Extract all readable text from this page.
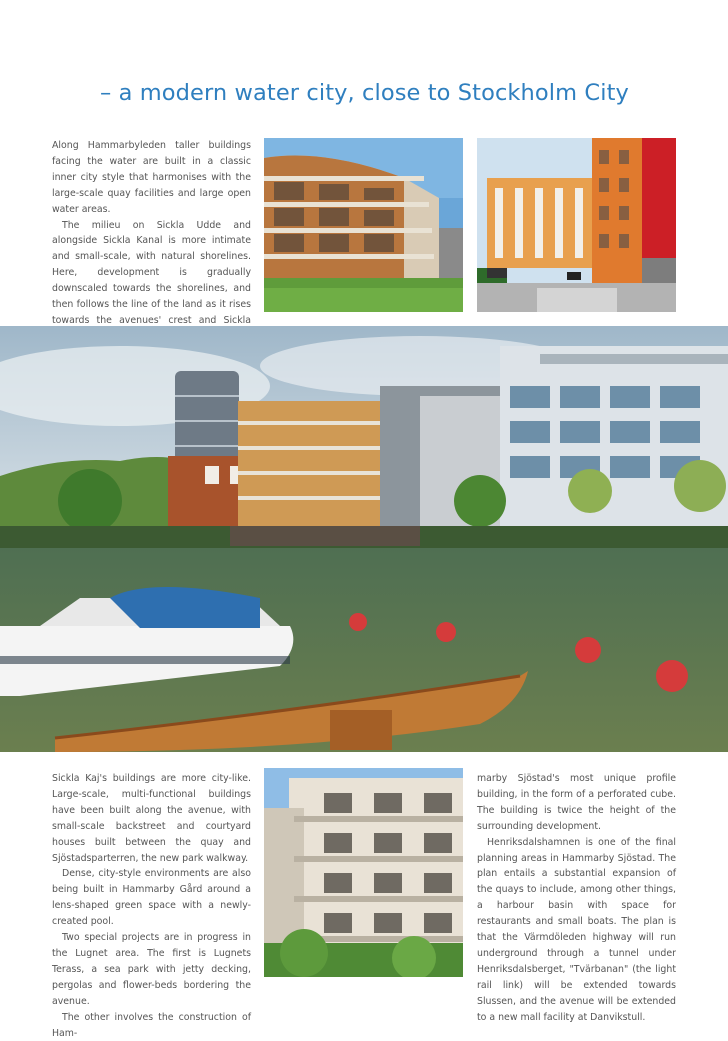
– a modern water city, close to Stockholm City

Along Hammarbyleden taller buildings facing the water are built in a classic inner city style that harmonises with the large-scale quay facilities and large open water areas.

The milieu on Sickla Udde and alongside Sickla Kanal is more intimate and small-scale, with natural shorelines. Here, development is gradually downscaled towards the shorelines, and then follows the line of the land as it rises towards the avenues' crest and Sickla

Sickla Kaj's buildings are more city-like. Large-scale, multi-functional buildings have been built along the avenue, with small-scale backstreet and courtyard houses built between the quay and Sjöstadsparterren, the new park walkway.

Dense, city-style environments are also being built in Hammarby Gård around a lens-shaped green space with a newly-created pool.

Two special projects are in progress in the Lugnet area. The first is Lugnets Terass, a sea park with jetty decking, pergolas and flower-beds bordering the avenue.

The other involves the construction of Ham-

marby Sjöstad's most unique profile building, in the form of a perforated cube. The building is twice the height of the surrounding development.

Henriksdalshamnen is one of the final planning areas in Hammarby Sjöstad. The plan entails a substantial expansion of the quays to include, among other things, a harbour basin with space for restaurants and small boats. The plan is that the Värmdöleden highway will run underground through a tunnel under Henriksdalsberget, "Tvärbanan" (the light rail link) will be extended towards Slussen, and the avenue will be extended to a new mall facility at Danvikstull.
